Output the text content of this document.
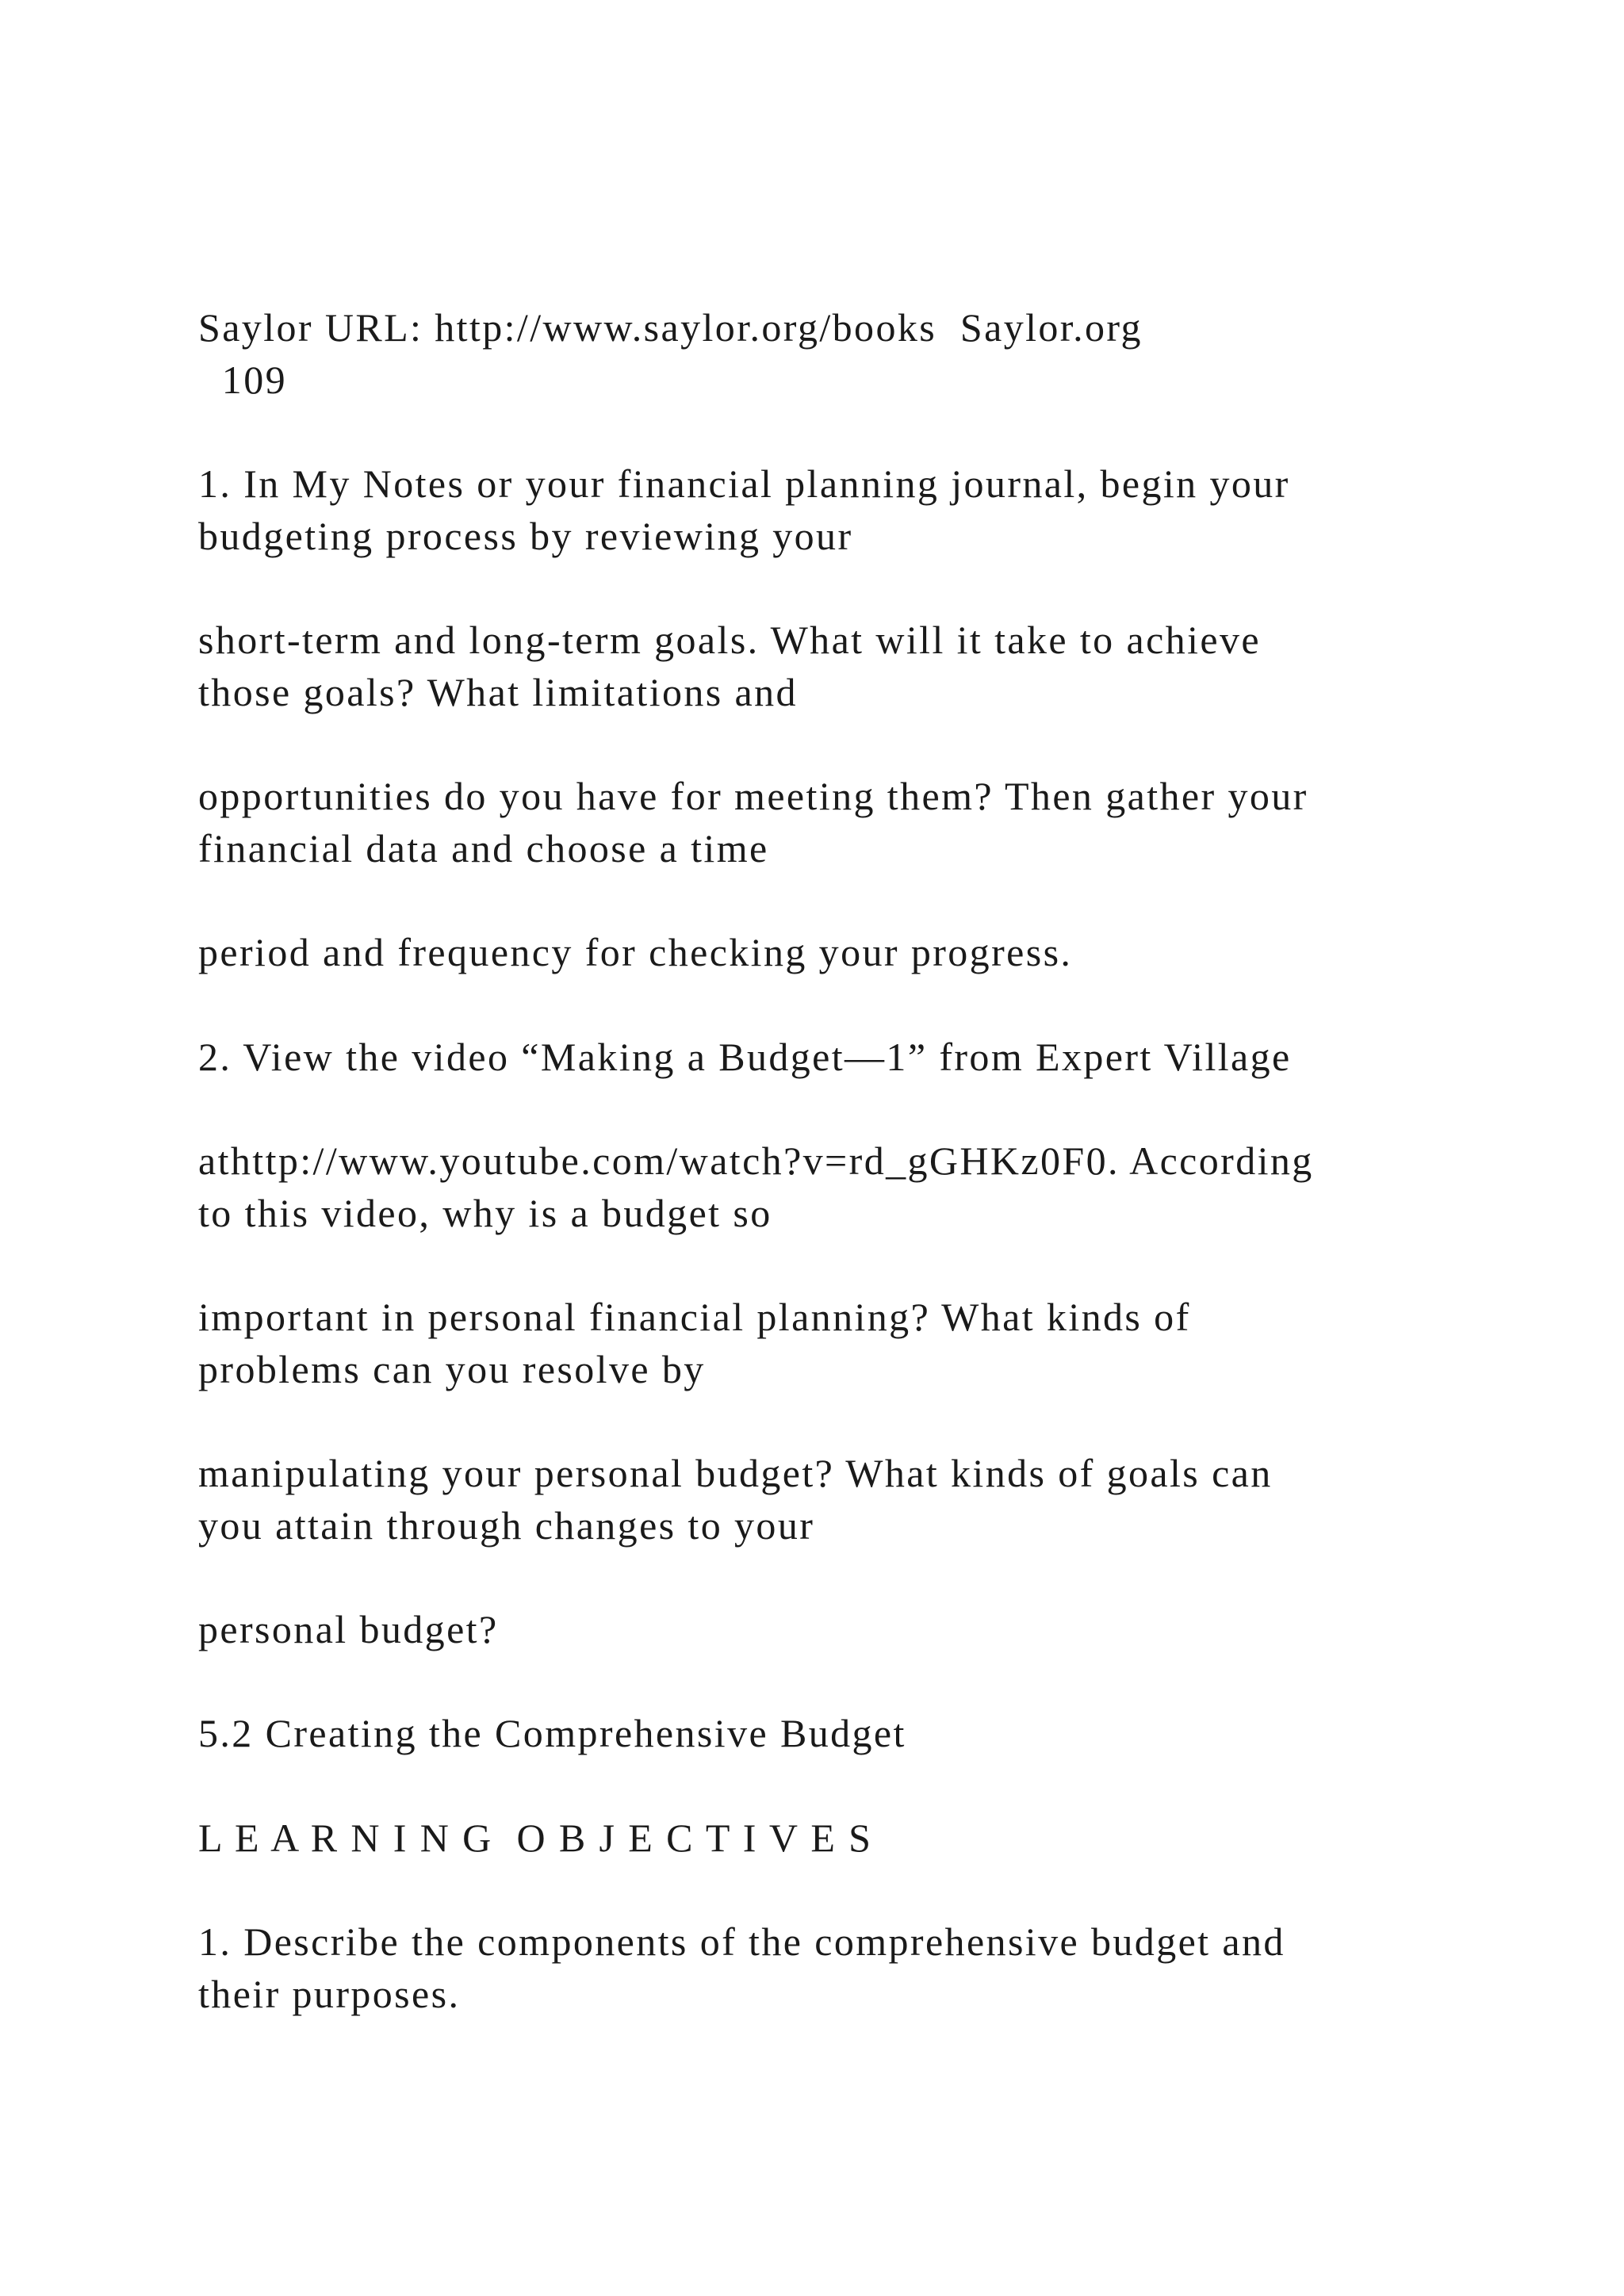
Saylor URL: http://www.saylor.org/books  Saylor.org

109

1. In My Notes or your financial planning journal, begin your

budgeting process by reviewing your

short-term and long-term goals. What will it take to achieve

those goals? What limitations and

opportunities do you have for meeting them? Then gather your

financial data and choose a time

period and frequency for checking your progress.

2. View the video “Making a Budget—1” from Expert Village

athttp://www.youtube.com/watch?v=rd_gGHKz0F0. According

to this video, why is a budget so

important in personal financial planning? What kinds of

problems can you resolve by

manipulating your personal budget? What kinds of goals can

you attain through changes to your

personal budget?

5.2 Creating the Comprehensive Budget

L E A R N I N G  O B J E C T I V E S

1. Describe the components of the comprehensive budget and

their purposes.
